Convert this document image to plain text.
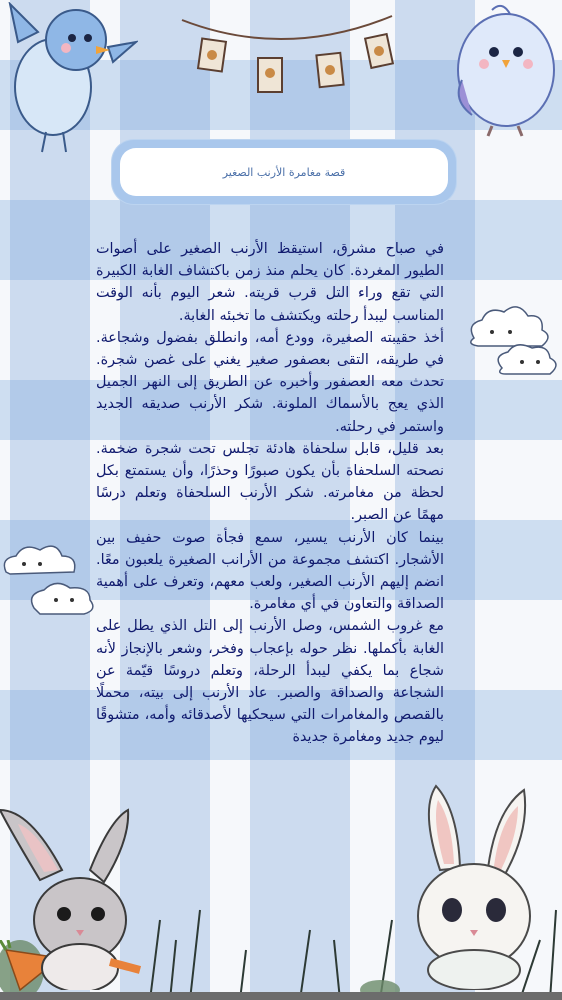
قصة مغامرة الأرنب الصغير

في صباح مشرق، استيقظ الأرنب الصغير على أصوات الطيور المغردة. كان يحلم منذ زمن باكتشاف الغابة الكبيرة التي تقع وراء التل قرب قريته. شعر اليوم بأنه الوقت المناسب ليبدأ رحلته ويكتشف ما تخبئه الغابة.

أخذ حقيبته الصغيرة، وودع أمه، وانطلق بفضول وشجاعة. في طريقه، التقى بعصفور صغير يغني على غصن شجرة. تحدث معه العصفور وأخبره عن الطريق إلى النهر الجميل الذي يعج بالأسماك الملونة. شكر الأرنب صديقه الجديد واستمر في رحلته.

بعد قليل، قابل سلحفاة هادئة تجلس تحت شجرة ضخمة. نصحته السلحفاة بأن يكون صبورًا وحذرًا، وأن يستمتع بكل لحظة من مغامرته. شكر الأرنب السلحفاة وتعلم درسًا مهمًا عن الصبر.

بينما كان الأرنب يسير، سمع فجأة صوت حفيف بين الأشجار. اكتشف مجموعة من الأرانب الصغيرة يلعبون معًا. انضم إليهم الأرنب الصغير، ولعب معهم، وتعرف على أهمية الصداقة والتعاون في أي مغامرة.

مع غروب الشمس، وصل الأرنب إلى التل الذي يطل على الغابة بأكملها. نظر حوله بإعجاب وفخر، وشعر بالإنجاز لأنه شجاع بما يكفي ليبدأ الرحلة، وتعلم دروسًا قيّمة عن الشجاعة والصداقة والصبر. عاد الأرنب إلى بيته، محملًا بالقصص والمغامرات التي سيحكيها لأصدقائه وأمه، متشوقًا ليوم جديد ومغامرة جديدة
